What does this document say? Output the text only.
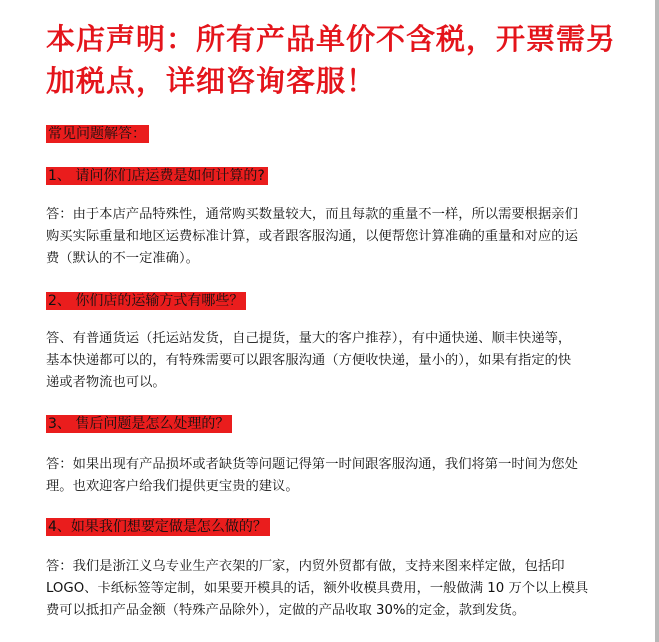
本店声明：所有产品单价不含税，开票需另
加税点，详细咨询客服！
常见问题解答：
1、 请问你们店运费是如何计算的?

答：由于本店产品特殊性，通常购买数量较大，而且每款的重量不一样，所以需要根据亲们
购买实际重量和地区运费标准计算，或者跟客服沟通，以便帮您计算准确的重量和对应的运
费（默认的不一定准确）。

2、 你们店的运输方式有哪些？

答、有普通货运（托运站发货，自己提货，量大的客户推荐），有中通快递、顺丰快递等，
基本快递都可以的，有特殊需要可以跟客服沟通（方便收快递，量小的），如果有指定的快
递或者物流也可以。

3、 售后问题是怎么处理的？

答：如果出现有产品损坏或者缺货等问题记得第一时间跟客服沟通，我们将第一时间为您处
理。也欢迎客户给我们提供更宝贵的建议。

4、如果我们想要定做是怎么做的？

答：我们是浙江义乌专业生产衣架的厂家，内贸外贸都有做，支持来图来样定做，包括印
LOGO、卡纸标签等定制，如果要开模具的话，额外收模具费用，一般做满 10 万个以上模具
费可以抵扣产品金额（特殊产品除外），定做的产品收取 30%的定金，款到发货。
